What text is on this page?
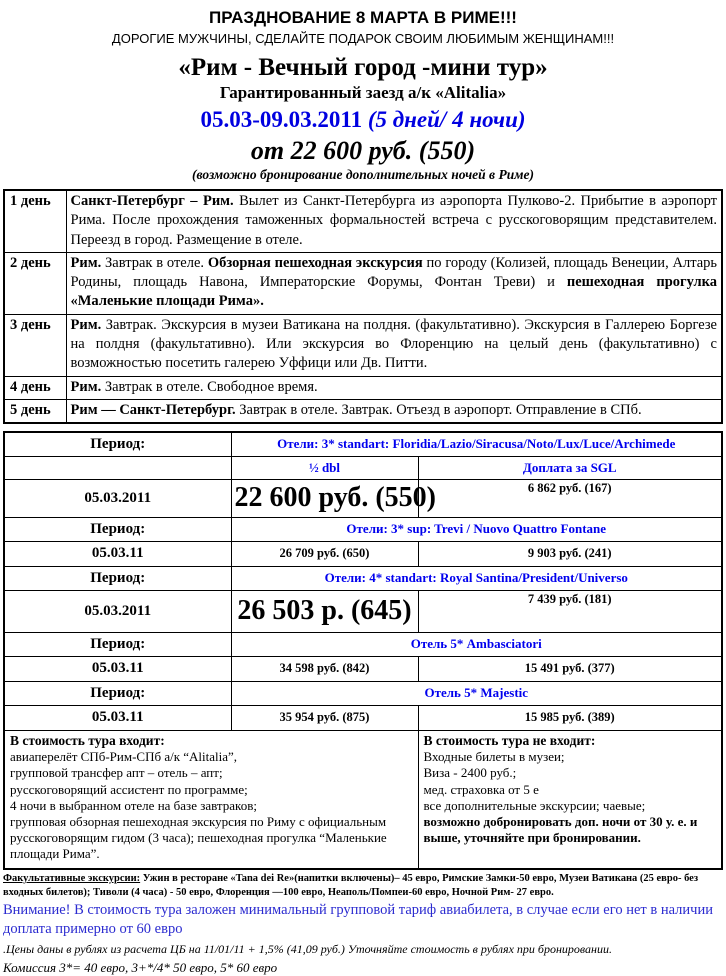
ПРАЗДНОВАНИЕ 8 МАРТА В РИМЕ!!!
ДОРОГИЕ МУЖЧИНЫ, СДЕЛАЙТЕ ПОДАРОК СВОИМ ЛЮБИМЫМ ЖЕНЩИНАМ!!!
«Рим - Вечный город -мини тур»
Гарантированный заезд а/к «Alitalia»
05.03-09.03.2011 (5 дней/ 4 ночи)
от 22 600 руб. (550)
(возможно бронирование дополнительных ночей в Риме)
1 день	Санкт-Петербург – Рим. Вылет из Санкт-Петербурга из аэропорта Пулково-2. Прибытие в аэропорт Рима. После прохождения таможенных формальностей встреча с русскоговорящим представителем. Переезд в город. Размещение в отеле.
2 день	Рим. Завтрак в отеле. Обзорная пешеходная экскурсия по городу (Колизей, площадь Венеции, Алтарь Родины, площадь Навона, Императорские Форумы, Фонтан Треви) и пешеходная прогулка «Маленькие площади Рима».
3 день	Рим. Завтрак. Экскурсия в музеи Ватикана на полдня. (факультативно). Экскурсия в Галлерею Боргезе на полдня (факультативно). Или экскурсия во Флоренцию на целый день (факультативно) с возможностью посетить галерею Уффици или Дв. Питти.
4 день	Рим. Завтрак в отеле. Свободное время.
5 день	Рим — Санкт-Петербург. Завтрак в отеле. Завтрак. Отъезд в аэропорт. Отправление в СПб.
Период:	Отели: 3* standart: Floridia/Lazio/Siracusa/Noto/Lux/Luce/Archimede	
	½ dbl	Доплата за SGL
05.03.2011	22 600 руб. (550)	6 862 руб. (167)
Период:	Отели: 3* sup: Trevi / Nuovo Quattro Fontane	
05.03.11	26 709 руб. (650)	9 903 руб. (241)
Период:	Отели: 4* standart: Royal Santina/President/Universo	
05.03.2011	26 503 р. (645)	7 439 руб. (181)
Период:	Отель 5* Ambasciatori	
05.03.11	34 598 руб. (842)	15 491 руб. (377)
Период:	Отель 5* Majestic	
05.03.11	35 954 руб. (875)	15 985 руб. (389)

В стоимость тура входит:
авиаперелёт СПб-Рим-СПб а/к “Alitalia”,
групповой трансфер апт – отель – апт;
русскоговорящий ассистент по программе;
4 ночи в выбранном отеле на базе завтраков;
групповая обзорная пешеходная экскурсия по Риму с официальным русскоговорящим гидом (3 часа); пешеходная прогулка “Маленькие площади Рима”.

В стоимость тура не входит:
Входные билеты в музеи;
Виза - 2400 руб.;
мед. страховка от 5 е
все дополнительные экскурсии; чаевые;
возможно добронировать доп. ночи от 30 у. е. и выше, уточняйте при бронировании.
Факультативные экскурсии: Ужин в ресторане «Tana dei Re»(напитки включены)– 45 евро, Римские Замки-50 евро, Музеи Ватикана (25 евро- без входных билетов); Тиволи (4 часа) - 50 евро, Флоренция —100 евро, Неаполь/Помпеи-60 евро, Ночной Рим- 27 евро.
Внимание! В стоимость тура заложен минимальный групповой тариф авиабилета, в случае если его нет в наличии доплата примерно от 60 евро
.Цены даны в рублях из расчета ЦБ на 11/01/11 + 1,5% (41,09 руб.) Уточняйте стоимость в рублях при бронировании.
Комиссия 3*= 40 евро, 3+*/4* 50 евро, 5* 60 евро
